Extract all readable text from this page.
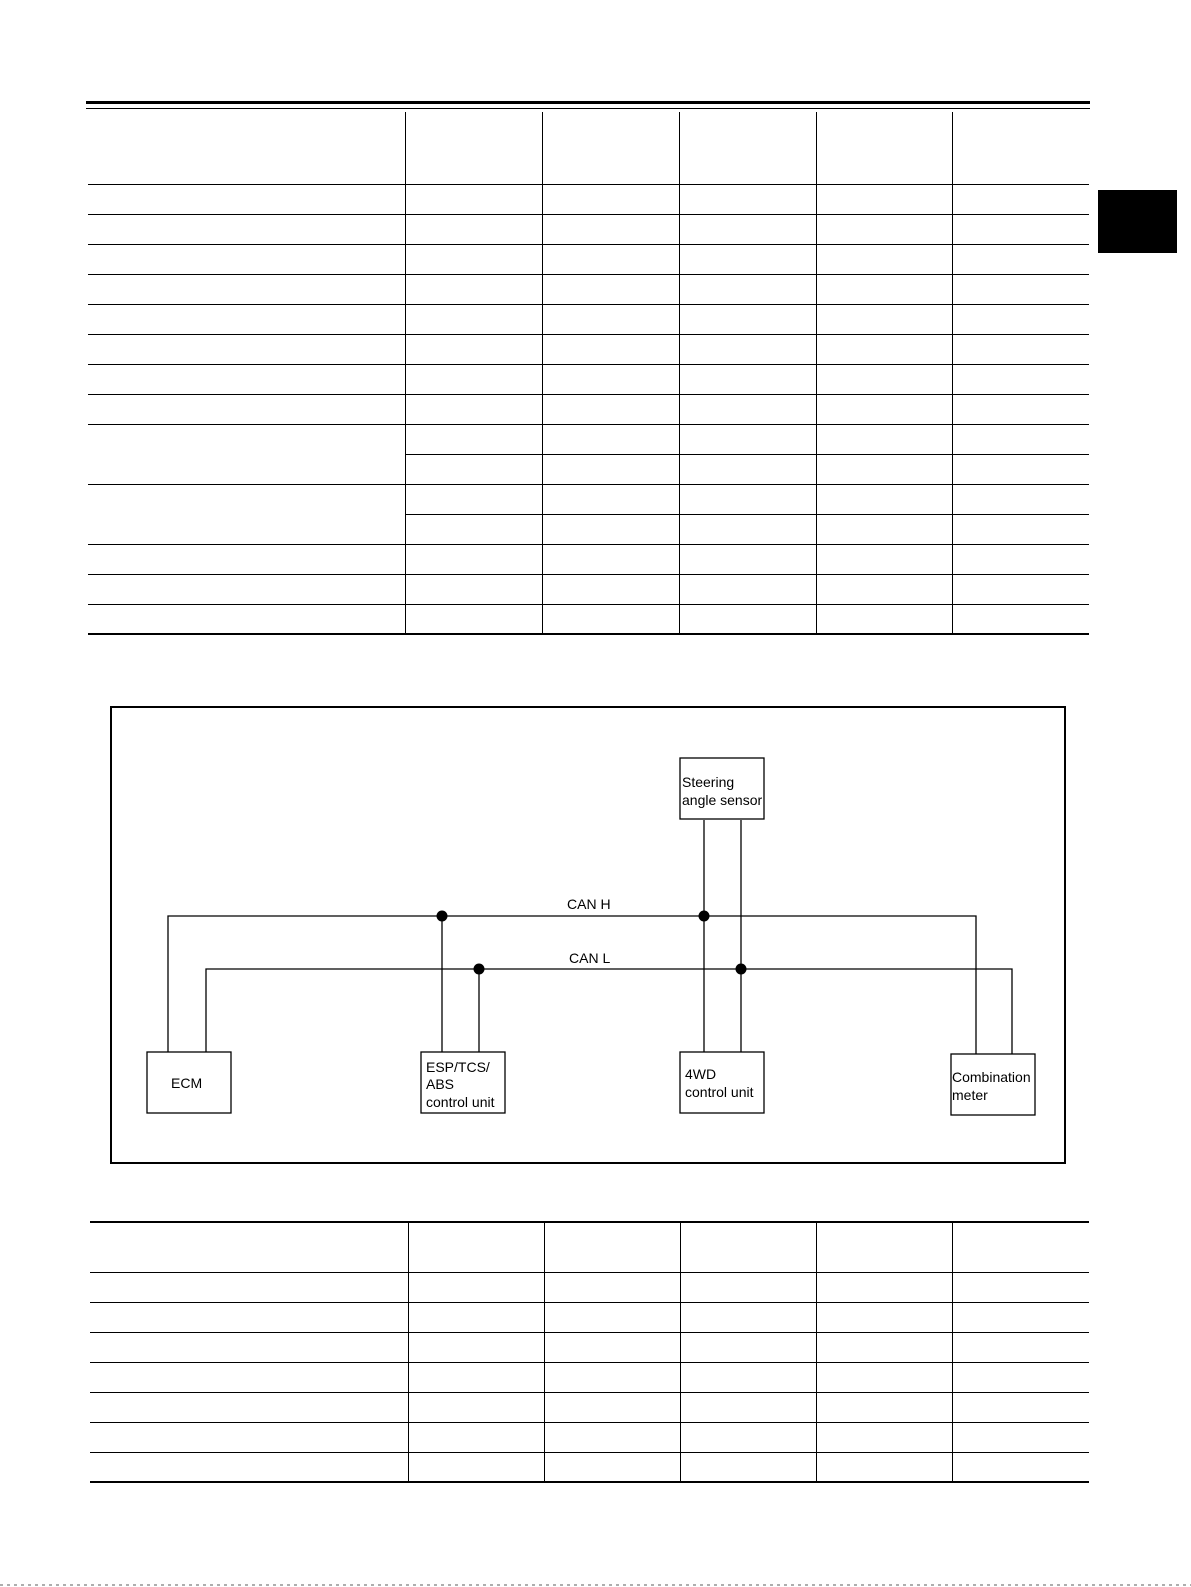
Steering
angle sensor
CAN H
CAN L
ECM
ESP/TCS/
ABS
control unit
4WD
control unit
Combination
meter
